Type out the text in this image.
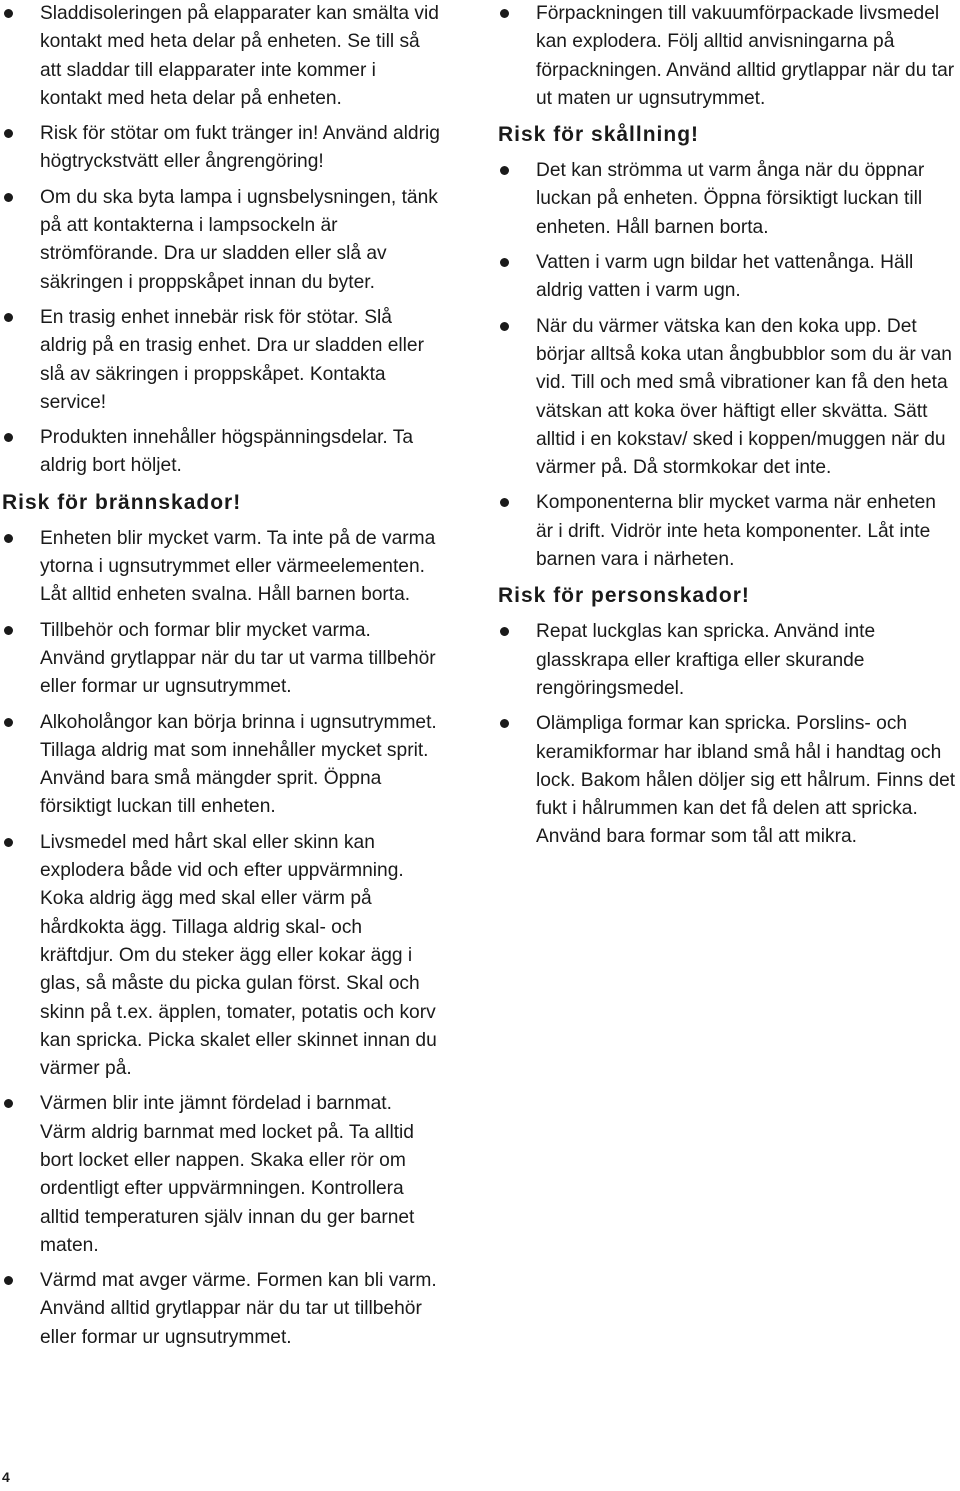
Sladdisoleringen på elapparater kan smälta vid kontakt med heta delar på enheten. Se till så att sladdar till elapparater inte kommer i kontakt med heta delar på enheten.
Risk för stötar om fukt tränger in! Använd aldrig högtryckstvätt eller ångrengöring!
Om du ska byta lampa i ugnsbelysningen, tänk på att kontakterna i lampsockeln är strömförande. Dra ur sladden eller slå av säkringen i proppskåpet innan du byter.
En trasig enhet innebär risk för stötar. Slå aldrig på en trasig enhet. Dra ur sladden eller slå av säkringen i proppskåpet. Kontakta service!
Produkten innehåller högspänningsdelar. Ta aldrig bort höljet.
Risk för brännskador!
Enheten blir mycket varm. Ta inte på de varma ytorna i ugnsutrymmet eller värmeelementen. Låt alltid enheten svalna. Håll barnen borta.
Tillbehör och formar blir mycket varma. Använd grytlappar när du tar ut varma tillbehör eller formar ur ugnsutrymmet.
Alkoholångor kan börja brinna i ugnsutrymmet. Tillaga aldrig mat som innehåller mycket sprit. Använd bara små mängder sprit. Öppna försiktigt luckan till enheten.
Livsmedel med hårt skal eller skinn kan explodera både vid och efter uppvärmning. Koka aldrig ägg med skal eller värm på hårdkokta ägg. Tillaga aldrig skal- och kräftdjur. Om du steker ägg eller kokar ägg i glas, så måste du picka gulan först. Skal och skinn på t.ex. äpplen, tomater, potatis och korv kan spricka. Picka skalet eller skinnet innan du värmer på.
Värmen blir inte jämnt fördelad i barnmat. Värm aldrig barnmat med locket på. Ta alltid bort locket eller nappen. Skaka eller rör om ordentligt efter uppvärmningen. Kontrollera alltid temperaturen själv innan du ger barnet maten.
Värmd mat avger värme. Formen kan bli varm. Använd alltid grytlappar när du tar ut tillbehör eller formar ur ugnsutrymmet.
Förpackningen till vakuumförpackade livsmedel kan explodera. Följ alltid anvisningarna på förpackningen. Använd alltid grytlappar när du tar ut maten ur ugnsutrymmet.
Risk för skållning!
Det kan strömma ut varm ånga när du öppnar luckan på enheten. Öppna försiktigt luckan till enheten. Håll barnen borta.
Vatten i varm ugn bildar het vattenånga. Häll aldrig vatten i varm ugn.
När du värmer vätska kan den koka upp. Det börjar alltså koka utan ångbubblor som du är van vid. Till och med små vibrationer kan få den heta vätskan att koka över häftigt eller skvätta. Sätt alltid i en kokstav/ sked i koppen/muggen när du värmer på. Då stormkokar det inte.
Komponenterna blir mycket varma när enheten är i drift. Vidrör inte heta komponenter. Låt inte barnen vara i närheten.
Risk för personskador!
Repat luckglas kan spricka. Använd inte glasskrapa eller kraftiga eller skurande rengöringsmedel.
Olämpliga formar kan spricka. Porslins- och keramikformar har ibland små hål i handtag och lock. Bakom hålen döljer sig ett hålrum. Finns det fukt i hålrummen kan det få delen att spricka. Använd bara formar som tål att mikra.
4
